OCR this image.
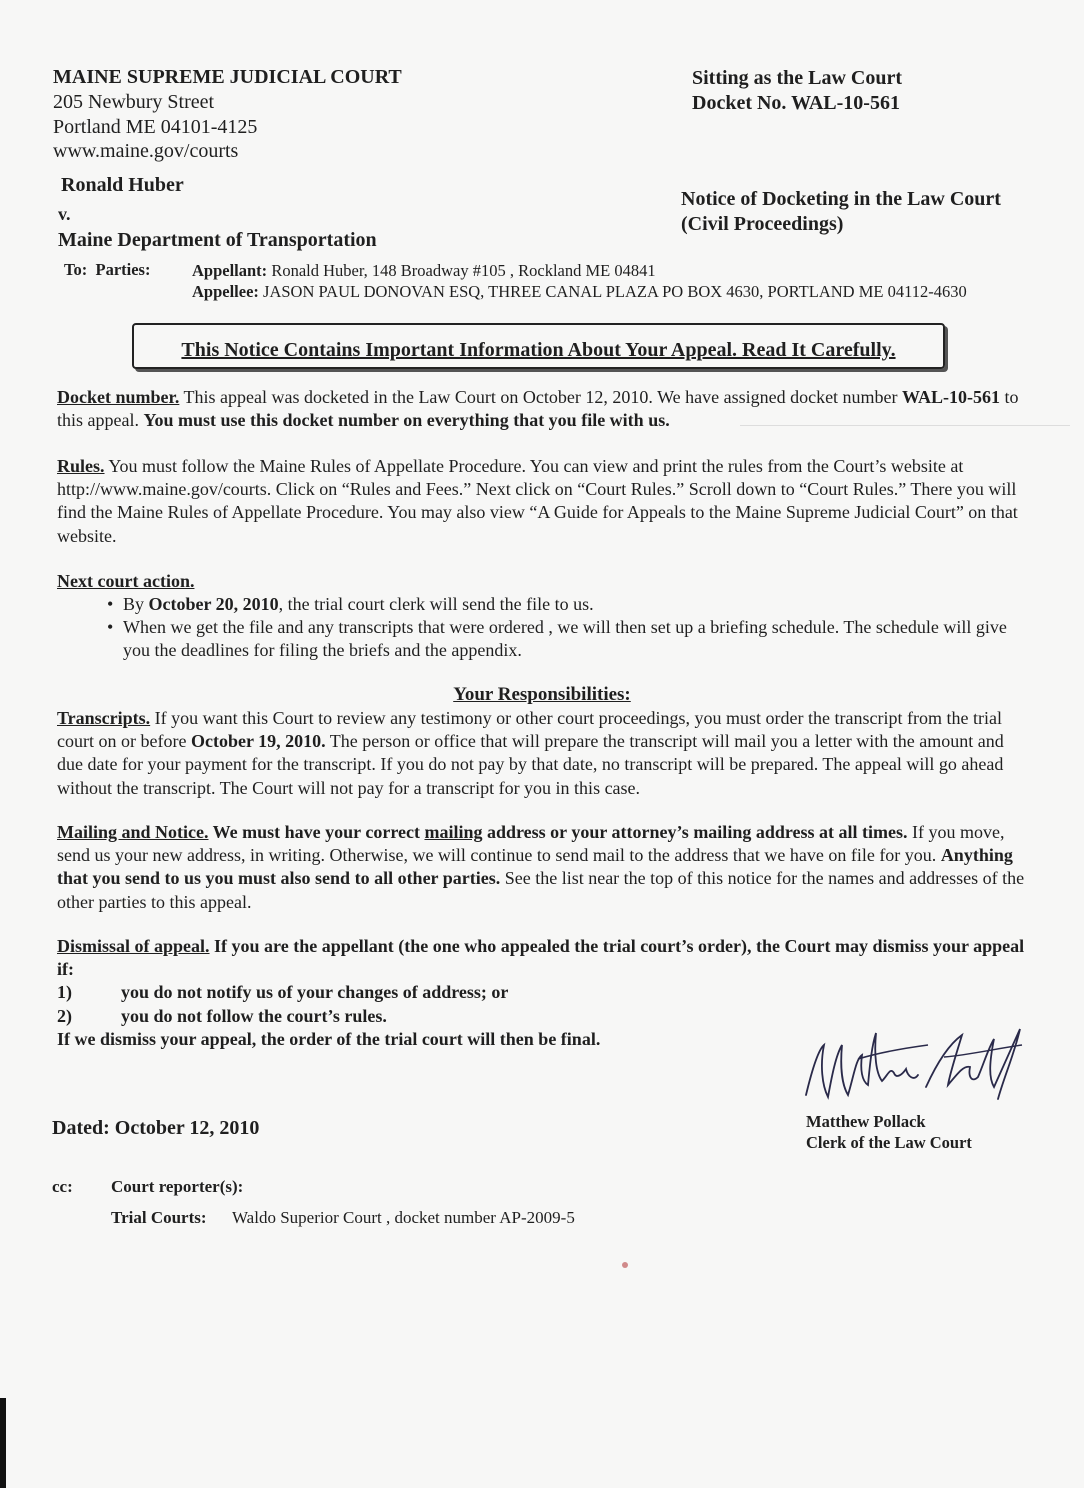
MAINE SUPREME JUDICIAL COURT
205 Newbury Street
Portland ME 04101-4125
www.maine.gov/courts
Sitting as the Law Court
Docket No. WAL-10-561
Ronald Huber
v.
Maine Department of Transportation
Notice of Docketing in the Law Court
(Civil Proceedings)
To: Parties:	Appellant: Ronald Huber, 148 Broadway #105 , Rockland ME 04841
Appellee: JASON PAUL DONOVAN ESQ, THREE CANAL PLAZA PO BOX 4630, PORTLAND ME 04112-4630
This Notice Contains Important Information About Your Appeal. Read It Carefully.
Docket number. This appeal was docketed in the Law Court on October 12, 2010. We have assigned docket number WAL-10-561 to this appeal. You must use this docket number on everything that you file with us.
Rules. You must follow the Maine Rules of Appellate Procedure. You can view and print the rules from the Court’s website at http://www.maine.gov/courts. Click on “Rules and Fees.” Next click on “Court Rules.” Scroll down to “Court Rules.” There you will find the Maine Rules of Appellate Procedure. You may also view “A Guide for Appeals to the Maine Supreme Judicial Court” on that website.
Next court action.
• By October 20, 2010, the trial court clerk will send the file to us.
• When we get the file and any transcripts that were ordered , we will then set up a briefing schedule. The schedule will give you the deadlines for filing the briefs and the appendix.
Your Responsibilities:
Transcripts. If you want this Court to review any testimony or other court proceedings, you must order the transcript from the trial court on or before October 19, 2010. The person or office that will prepare the transcript will mail you a letter with the amount and due date for your payment for the transcript. If you do not pay by that date, no transcript will be prepared. The appeal will go ahead without the transcript. The Court will not pay for a transcript for you in this case.
Mailing and Notice. We must have your correct mailing address or your attorney’s mailing address at all times. If you move, send us your new address, in writing. Otherwise, we will continue to send mail to the address that we have on file for you. Anything that you send to us you must also send to all other parties. See the list near the top of this notice for the names and addresses of the other parties to this appeal.
Dismissal of appeal. If you are the appellant (the one who appealed the trial court’s order), the Court may dismiss your appeal if:
1)	you do not notify us of your changes of address; or
2)	you do not follow the court’s rules.
If we dismiss your appeal, the order of the trial court will then be final.
Matthew Pollack
Clerk of the Law Court
Dated: October 12, 2010
cc: Court reporter(s):
Trial Courts: Waldo Superior Court , docket number AP-2009-5
